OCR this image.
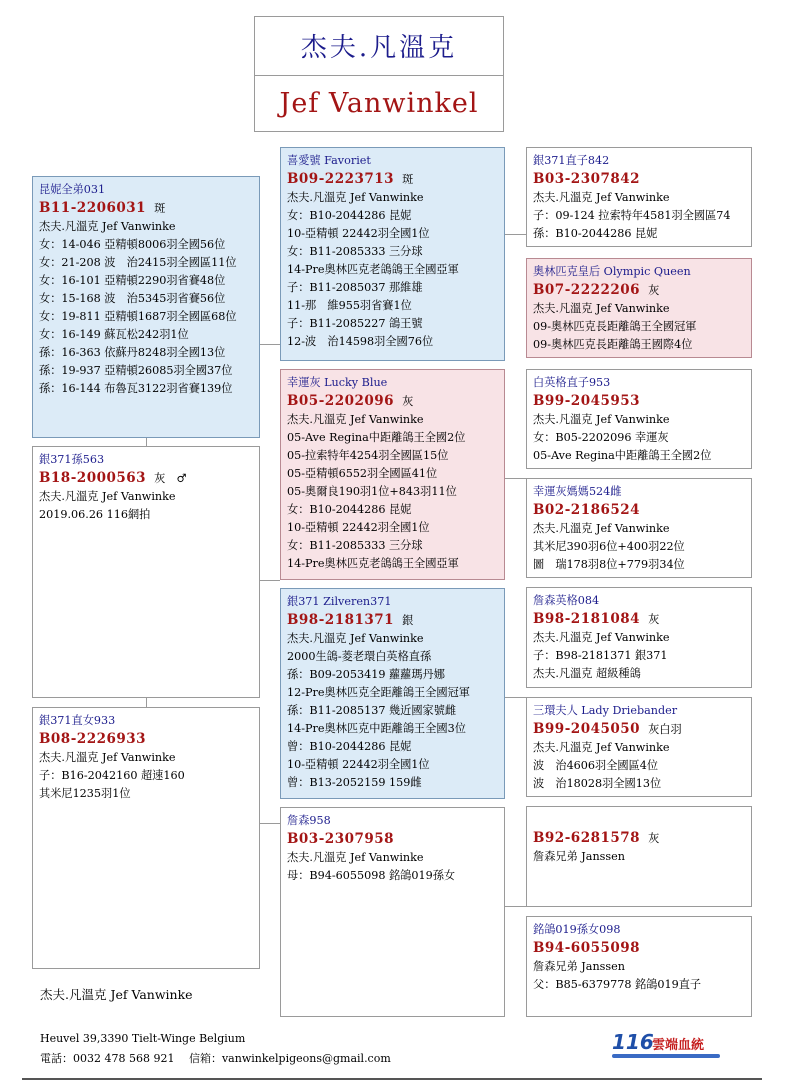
杰夫.凡溫克
Jef Vanwinkel
昆妮全弟031
B11-2206031 斑
杰夫.凡溫克 Jef Vanwinke
女：14-046 亞精頓8006羽全國56位
女：21-208 波　治2415羽全國區11位
女：16-101 亞精頓2290羽省賽48位
女：15-168 波　治5345羽省賽56位
女：19-811 亞精頓1687羽全國區68位
女：16-149 蘇瓦松242羽1位
孫：16-363 依蘇丹8248羽全國13位
孫：19-937 亞精頓26085羽全國37位
孫：16-144 布魯瓦3122羽省賽139位
銀371孫563
B18-2000563 灰　♂
杰夫.凡溫克 Jef Vanwinke
2019.06.26 116網拍
銀371直女933
B08-2226933
杰夫.凡溫克 Jef Vanwinke
子：B16-2042160 超速160
其米尼1235羽1位
喜愛號 Favoriet
B09-2223713 斑
杰夫.凡溫克 Jef Vanwinke
女：B10-2044286 昆妮
10-亞精頓 22442羽全國1位
女：B11-2085333 三分球
14-Pre奧林匹克老鴿鴿王全國亞軍
子：B11-2085037 那維雄
11-那　維955羽省賽1位
子：B11-2085227 鴿王號
12-波　治14598羽全國76位
幸運灰 Lucky Blue
B05-2202096 灰
杰夫.凡溫克 Jef Vanwinke
05-Ave Regina中距離鴿王全國2位
05-拉索特年4254羽全國區15位
05-亞精頓6552羽全國區41位
05-奧爾良190羽1位+843羽11位
女：B10-2044286 昆妮
10-亞精頓 22442羽全國1位
女：B11-2085333 三分球
14-Pre奧林匹克老鴿鴿王全國亞軍
銀371 Zilveren371
B98-2181371 銀
杰夫.凡溫克 Jef Vanwinke
2000生鴿-菱老環白英格直孫
孫：B09-2053419 蘿蘿瑪丹娜
12-Pre奧林匹克全距離鴿王全國冠軍
孫：B11-2085137 幾近國家號雌
14-Pre奧林匹克中距離鴿王全國3位
曾：B10-2044286 昆妮
10-亞精頓 22442羽全國1位
曾：B13-2052159 159雌
詹森958
B03-2307958
杰夫.凡溫克 Jef Vanwinke
母：B94-6055098 銘鴿019孫女
銀371直子842
B03-2307842
杰夫.凡溫克 Jef Vanwinke
子：09-124 拉索特年4581羽全國區74
孫：B10-2044286 昆妮
奧林匹克皇后 Olympic Queen
B07-2222206 灰
杰夫.凡溫克 Jef Vanwinke
09-奧林匹克長距離鴿王全國冠軍
09-奧林匹克長距離鴿王國際4位
白英格直子953
B99-2045953
杰夫.凡溫克 Jef Vanwinke
女：B05-2202096 幸運灰
05-Ave Regina中距離鴿王全國2位
幸運灰媽媽524雌
B02-2186524
杰夫.凡溫克 Jef Vanwinke
其米尼390羽6位+400羽22位
圖　瑞178羽8位+779羽34位
詹森英格084
B98-2181084 灰
杰夫.凡溫克 Jef Vanwinke
子：B98-2181371 銀371
杰夫.凡溫克 超級種鴿
三環夫人 Lady Driebander
B99-2045050 灰白羽
杰夫.凡溫克 Jef Vanwinke
波　治4606羽全國區4位
波　治18028羽全國13位
B92-6281578 灰
詹森兄弟 Janssen
銘鴿019孫女098
B94-6055098
詹森兄弟 Janssen
父：B85-6379778 銘鴿019直子
杰夫.凡溫克 Jef Vanwinke
Heuvel 39,3390 Tielt-Winge Belgium
電話：0032 478 568 921　 信箱：vanwinkelpigeons@gmail.com
116
雲端血統
